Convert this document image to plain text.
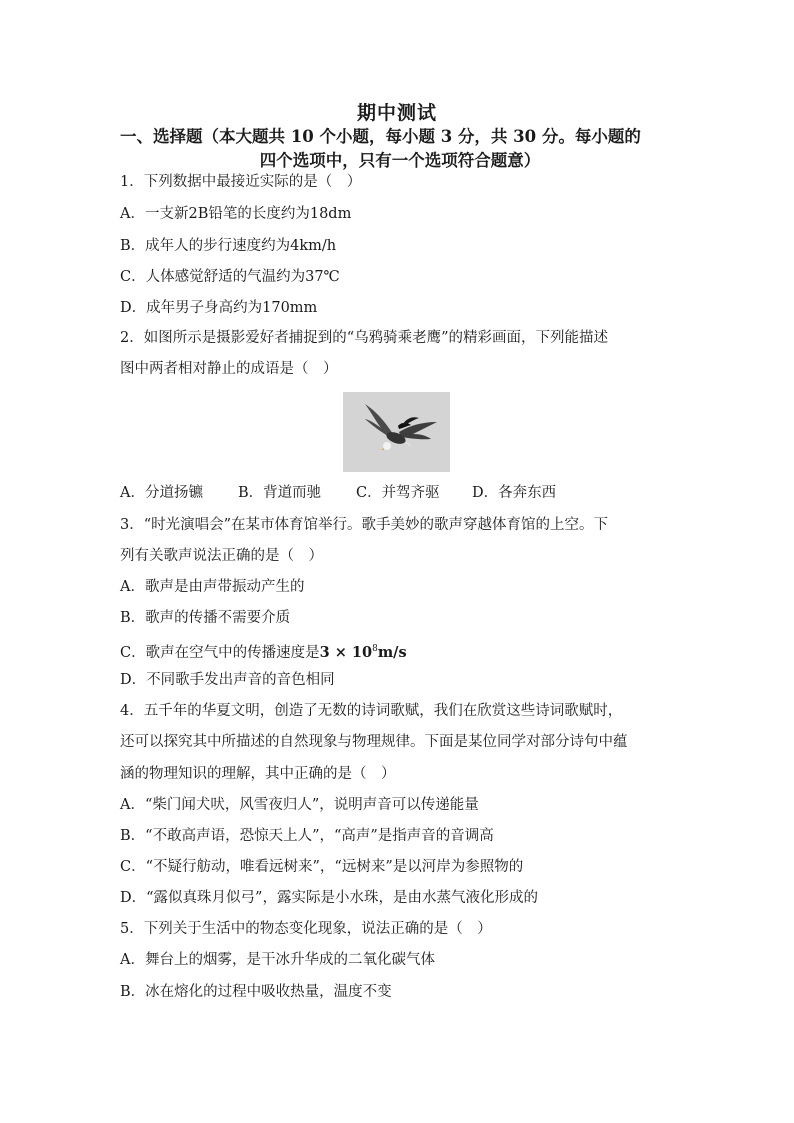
期中测试
一、选择题（本大题共 10 个小题，每小题 3 分，共 30 分。每小题的
四个选项中，只有一个选项符合题意）
1．下列数据中最接近实际的是（　）
A．一支新2B铅笔的长度约为18dm
B．成年人的步行速度约为4km/h
C．人体感觉舒适的气温约为37℃
D．成年男子身高约为170mm
2．如图所示是摄影爱好者捕捉到的“乌鸦骑乘老鹰”的精彩画面，下列能描述
图中两者相对静止的成语是（　）
A．分道扬镳 B．背道而驰 C．并驾齐驱 D．各奔东西
3．“时光演唱会”在某市体育馆举行。歌手美妙的歌声穿越体育馆的上空。下
列有关歌声说法正确的是（　）
A．歌声是由声带振动产生的
B．歌声的传播不需要介质
C．歌声在空气中的传播速度是$3 \times 10^8m/s$
D．不同歌手发出声音的音色相同
4．五千年的华夏文明，创造了无数的诗词歌赋，我们在欣赏这些诗词歌赋时，
还可以探究其中所描述的自然现象与物理规律。下面是某位同学对部分诗句中蕴
涵的物理知识的理解，其中正确的是（　）
A．“柴门闻犬吠，风雪夜归人”，说明声音可以传递能量
B．“不敢高声语，恐惊天上人”，“高声”是指声音的音调高
C．“不疑行舫动，唯看远树来”，“远树来”是以河岸为参照物的
D．“露似真珠月似弓”，露实际是小水珠，是由水蒸气液化形成的
5．下列关于生活中的物态变化现象，说法正确的是（　）
A．舞台上的烟雾，是干冰升华成的二氧化碳气体
B．冰在熔化的过程中吸收热量，温度不变
